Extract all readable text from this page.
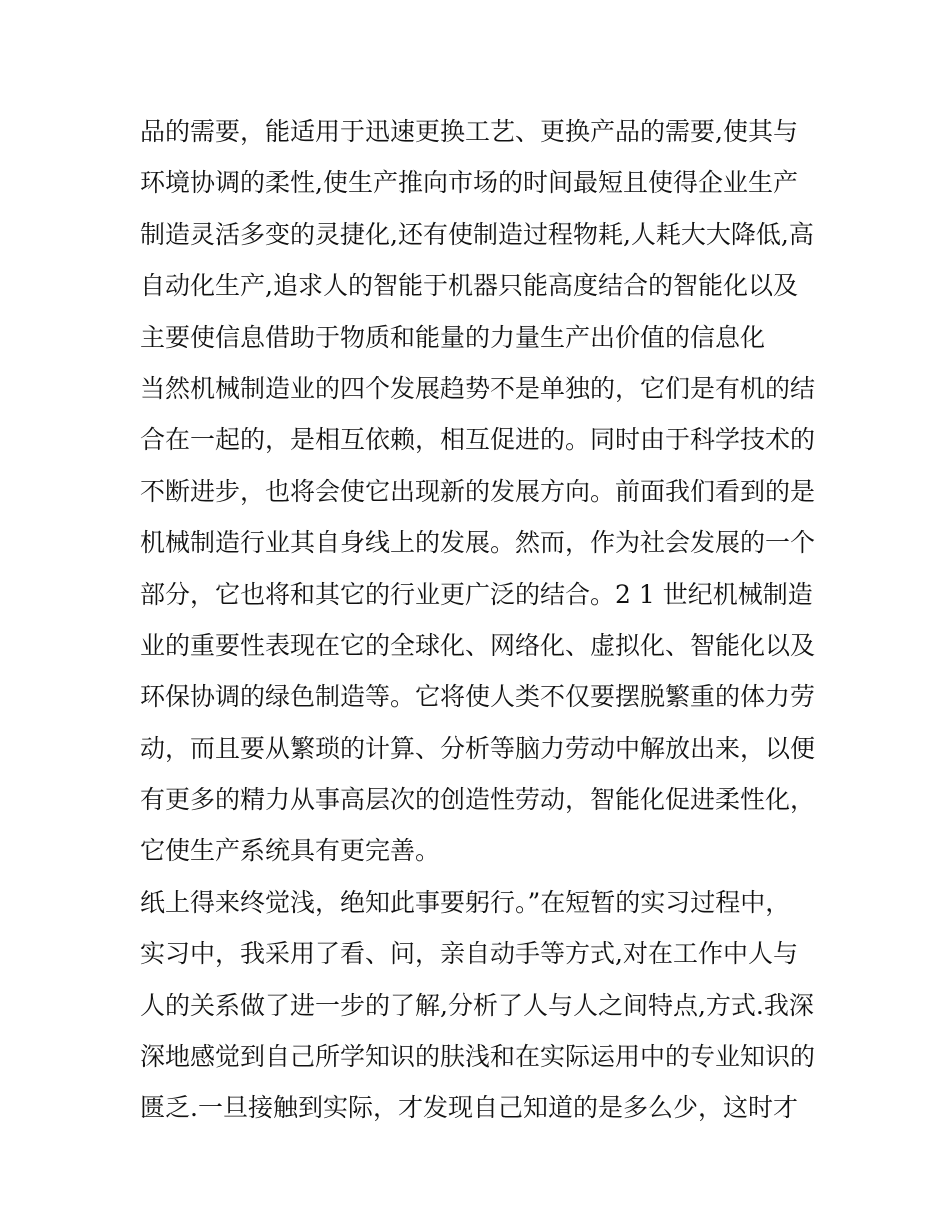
品的需要，能适用于迅速更换工艺、更换产品的需要,使其与
环境协调的柔性,使生产推向市场的时间最短且使得企业生产
制造灵活多变的灵捷化,还有使制造过程物耗,人耗大大降低,高
自动化生产,追求人的智能于机器只能高度结合的智能化以及
主要使信息借助于物质和能量的力量生产出价值的信息化
当然机械制造业的四个发展趋势不是单独的，它们是有机的结
合在一起的，是相互依赖，相互促进的。同时由于科学技术的
不断进步，也将会使它出现新的发展方向。前面我们看到的是
机械制造行业其自身线上的发展。然而，作为社会发展的一个
部分，它也将和其它的行业更广泛的结合。2 1 世纪机械制造
业的重要性表现在它的全球化、网络化、虚拟化、智能化以及
环保协调的绿色制造等。它将使人类不仅要摆脱繁重的体力劳
动，而且要从繁琐的计算、分析等脑力劳动中解放出来，以便
有更多的精力从事高层次的创造性劳动，智能化促进柔性化，
它使生产系统具有更完善。
纸上得来终觉浅，绝知此事要躬行。”在短暂的实习过程中，
实习中，我采用了看、问，亲自动手等方式,对在工作中人与
人的关系做了进一步的了解,分析了人与人之间特点,方式.我深
深地感觉到自己所学知识的肤浅和在实际运用中的专业知识的
匮乏.一旦接触到实际，才发现自己知道的是多么少，这时才
